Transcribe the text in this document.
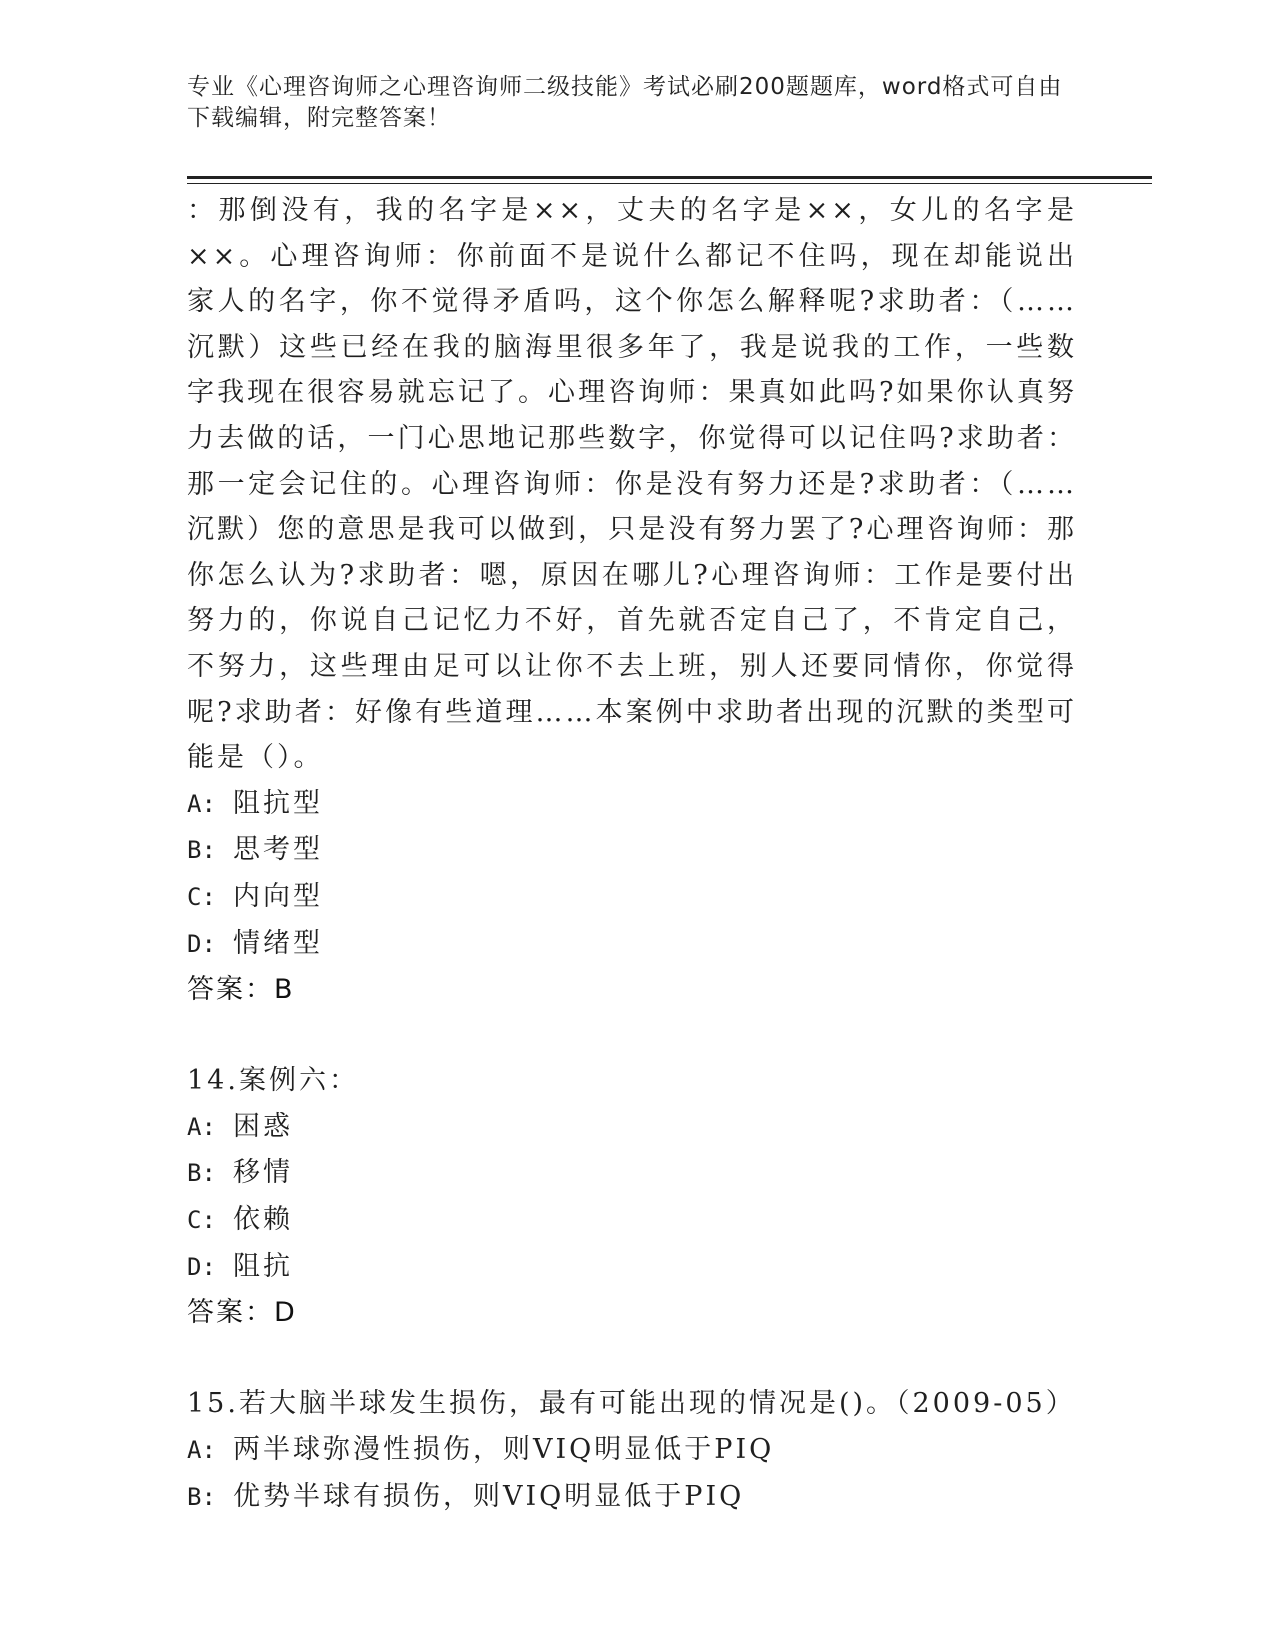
专业《心理咨询师之心理咨询师二级技能》考试必刷200题题库，word格式可自由下载编辑，附完整答案！

：那倒没有，我的名字是××，丈夫的名字是××，女儿的名字是××。心理咨询师：你前面不是说什么都记不住吗，现在却能说出家人的名字，你不觉得矛盾吗，这个你怎么解释呢?求助者：（……沉默）这些已经在我的脑海里很多年了，我是说我的工作，一些数字我现在很容易就忘记了。心理咨询师：果真如此吗?如果你认真努力去做的话，一门心思地记那些数字，你觉得可以记住吗?求助者：那一定会记住的。心理咨询师：你是没有努力还是?求助者：（……沉默）您的意思是我可以做到，只是没有努力罢了?心理咨询师：那你怎么认为?求助者：嗯，原因在哪儿?心理咨询师：工作是要付出努力的，你说自己记忆力不好，首先就否定自己了，不肯定自己，不努力，这些理由足可以让你不去上班，别人还要同情你，你觉得呢?求助者：好像有些道理……本案例中求助者出现的沉默的类型可能是（）。

A: 阻抗型
B: 思考型
C: 内向型
D: 情绪型

答案：B

14.案例六：

A: 困惑
B: 移情
C: 依赖
D: 阻抗

答案：D

15.若大脑半球发生损伤，最有可能出现的情况是()。（2009-05）

A: 两半球弥漫性损伤，则VIQ明显低于PIQ
B: 优势半球有损伤，则VIQ明显低于PIQ
